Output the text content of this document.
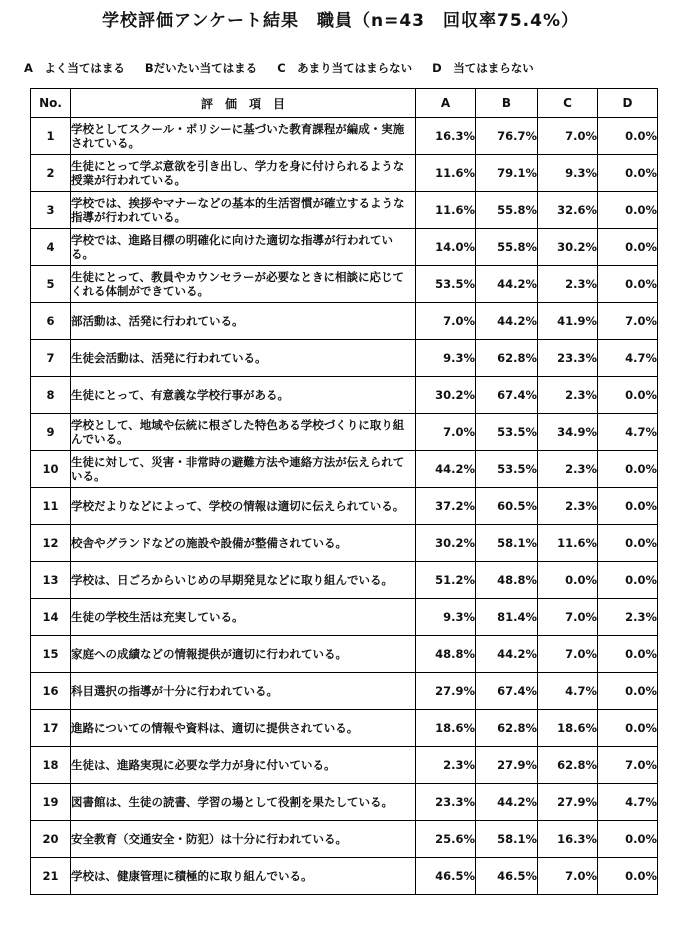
学校評価アンケート結果　職員（n=43　回収率75.4%）
A　よく当てはまる Bだいたい当てはまる C　あまり当てはまらない D　当てはまらない
No.	評　価　項　目	A	B	C	D
1	学校としてスクール・ポリシーに基づいた教育課程が編成・実施されている。	16.3%	76.7%	7.0%	0.0%
2	生徒にとって学ぶ意欲を引き出し、学力を身に付けられるような授業が行われている。	11.6%	79.1%	9.3%	0.0%
3	学校では、挨拶やマナーなどの基本的生活習慣が確立するような指導が行われている。	11.6%	55.8%	32.6%	0.0%
4	学校では、進路目標の明確化に向けた適切な指導が行われている。	14.0%	55.8%	30.2%	0.0%
5	生徒にとって、教員やカウンセラーが必要なときに相談に応じてくれる体制ができている。	53.5%	44.2%	2.3%	0.0%
6	部活動は、活発に行われている。	7.0%	44.2%	41.9%	7.0%
7	生徒会活動は、活発に行われている。	9.3%	62.8%	23.3%	4.7%
8	生徒にとって、有意義な学校行事がある。	30.2%	67.4%	2.3%	0.0%
9	学校として、地域や伝統に根ざした特色ある学校づくりに取り組んでいる。	7.0%	53.5%	34.9%	4.7%
10	生徒に対して、災害・非常時の避難方法や連絡方法が伝えられている。	44.2%	53.5%	2.3%	0.0%
11	学校だよりなどによって、学校の情報は適切に伝えられている。	37.2%	60.5%	2.3%	0.0%
12	校舎やグランドなどの施設や設備が整備されている。	30.2%	58.1%	11.6%	0.0%
13	学校は、日ごろからいじめの早期発見などに取り組んでいる。	51.2%	48.8%	0.0%	0.0%
14	生徒の学校生活は充実している。	9.3%	81.4%	7.0%	2.3%
15	家庭への成績などの情報提供が適切に行われている。	48.8%	44.2%	7.0%	0.0%
16	科目選択の指導が十分に行われている。	27.9%	67.4%	4.7%	0.0%
17	進路についての情報や資料は、適切に提供されている。	18.6%	62.8%	18.6%	0.0%
18	生徒は、進路実現に必要な学力が身に付いている。	2.3%	27.9%	62.8%	7.0%
19	図書館は、生徒の読書、学習の場として役割を果たしている。	23.3%	44.2%	27.9%	4.7%
20	安全教育（交通安全・防犯）は十分に行われている。	25.6%	58.1%	16.3%	0.0%
21	学校は、健康管理に積極的に取り組んでいる。	46.5%	46.5%	7.0%	0.0%
